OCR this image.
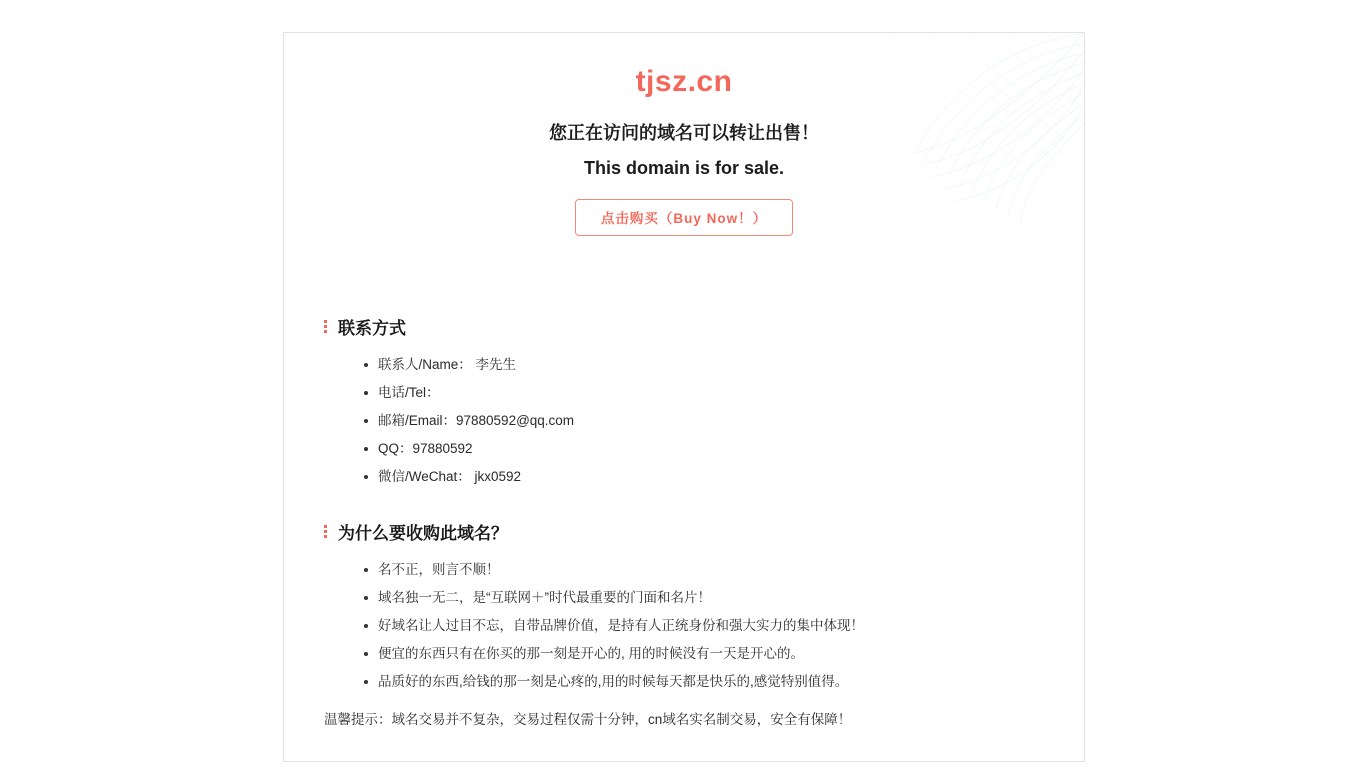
tjsz.cn
您正在访问的域名可以转让出售！
This domain is for sale.
点击购买（Buy Now！）
联系方式
联系人/Name： 李先生
电话/Tel：
邮箱/Email：97880592@qq.com
QQ：97880592
微信/WeChat： jkx0592
为什么要收购此域名？
名不正，则言不顺！
域名独一无二，是“互联网＋”时代最重要的门面和名片！
好域名让人过目不忘，自带品牌价值，是持有人正统身份和强大实力的集中体现！
便宜的东西只有在你买的那一刻是开心的, 用的时候没有一天是开心的。
品质好的东西,给钱的那一刻是心疼的,用的时候每天都是快乐的,感觉特别值得。
温馨提示：域名交易并不复杂，交易过程仅需十分钟，cn域名实名制交易，安全有保障！
